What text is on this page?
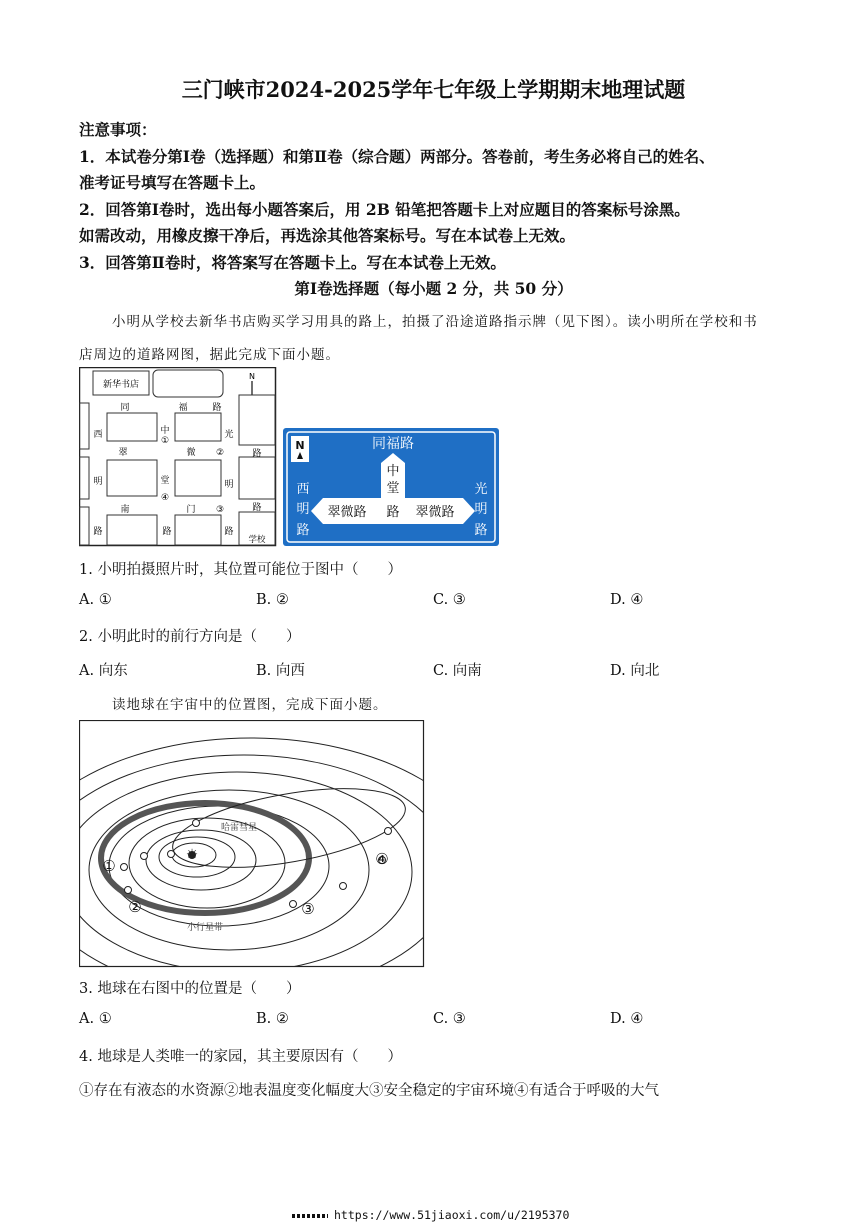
三门峡市2024-2025学年七年级上学期期末地理试题
注意事项：
1．本试卷分第Ⅰ卷（选择题）和第Ⅱ卷（综合题）两部分。答卷前，考生务必将自己的姓名、
准考证号填写在答题卡上。
2．回答第Ⅰ卷时，选出每小题答案后，用 2B 铅笔把答题卡上对应题目的答案标号涂黑。
如需改动，用橡皮擦干净后，再选涂其他答案标号。写在本试卷上无效。
3．回答第Ⅱ卷时，将答案写在答题卡上。写在本试卷上无效。
第Ⅰ卷选择题（每小题 2 分，共 50 分）
小明从学校去新华书店购买学习用具的路上，拍摄了沿途道路指示牌（见下图）。读小明所在学校和书
店周边的道路网图，据此完成下面小题。
新华书店
N
同	福	路
学校
西
明
路
光
路
明
路
中
①
堂
④
翠	微 ②
南	门 ③
路	路
N	同福路
中
堂
路
翠微路	翠微路
西
明
路
光
明
路
1. 小明拍摄照片时，其位置可能位于图中（　　）
A. ①	B. ②	C. ③	D. ④
2. 小明此时的前行方向是（　　）
A. 向东	B. 向西	C. 向南	D. 向北
读地球在宇宙中的位置图，完成下面小题。
☀
哈雷彗星
小行星带
①
②	③
④
3. 地球在右图中的位置是（　　）
A. ①	B. ②	C. ③	D. ④
4. 地球是人类唯一的家园，其主要原因有（　　）
①存在有液态的水资源②地表温度变化幅度大③安全稳定的宇宙环境④有适合于呼吸的大气
https://www.51jiaoxi.com/u/2195370
